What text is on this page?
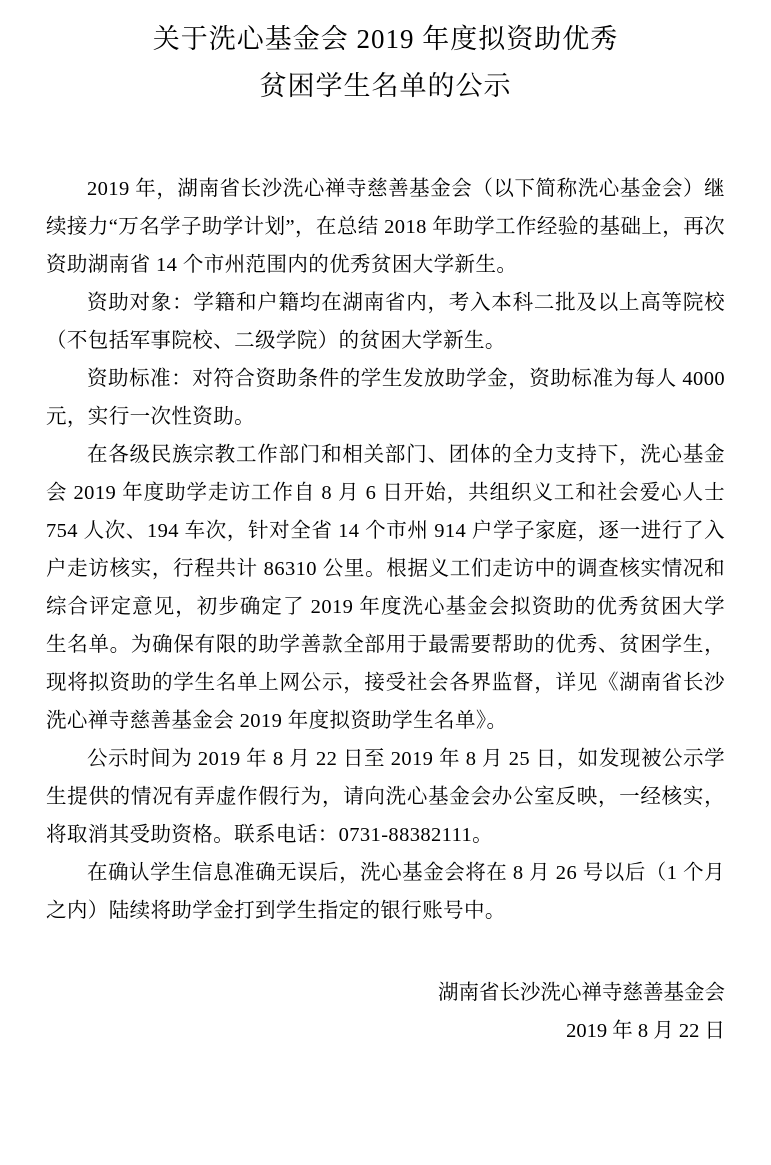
关于洗心基金会 2019 年度拟资助优秀
贫困学生名单的公示

2019 年，湖南省长沙洗心禅寺慈善基金会（以下简称洗心基金会）继续接力“万名学子助学计划”，在总结 2018 年助学工作经验的基础上，再次资助湖南省 14 个市州范围内的优秀贫困大学新生。

资助对象：学籍和户籍均在湖南省内，考入本科二批及以上高等院校（不包括军事院校、二级学院）的贫困大学新生。

资助标准：对符合资助条件的学生发放助学金，资助标准为每人 4000 元，实行一次性资助。

在各级民族宗教工作部门和相关部门、团体的全力支持下，洗心基金会 2019 年度助学走访工作自 8 月 6 日开始，共组织义工和社会爱心人士 754 人次、194 车次，针对全省 14 个市州 914 户学子家庭，逐一进行了入户走访核实，行程共计 86310 公里。根据义工们走访中的调查核实情况和综合评定意见，初步确定了 2019 年度洗心基金会拟资助的优秀贫困大学生名单。为确保有限的助学善款全部用于最需要帮助的优秀、贫困学生，现将拟资助的学生名单上网公示，接受社会各界监督，详见《湖南省长沙洗心禅寺慈善基金会 2019 年度拟资助学生名单》。

公示时间为 2019 年 8 月 22 日至 2019 年 8 月 25 日，如发现被公示学生提供的情况有弄虚作假行为，请向洗心基金会办公室反映，一经核实，将取消其受助资格。联系电话：0731-88382111。

在确认学生信息准确无误后，洗心基金会将在 8 月 26 号以后（1 个月之内）陆续将助学金打到学生指定的银行账号中。

湖南省长沙洗心禅寺慈善基金会
2019 年 8 月 22 日
